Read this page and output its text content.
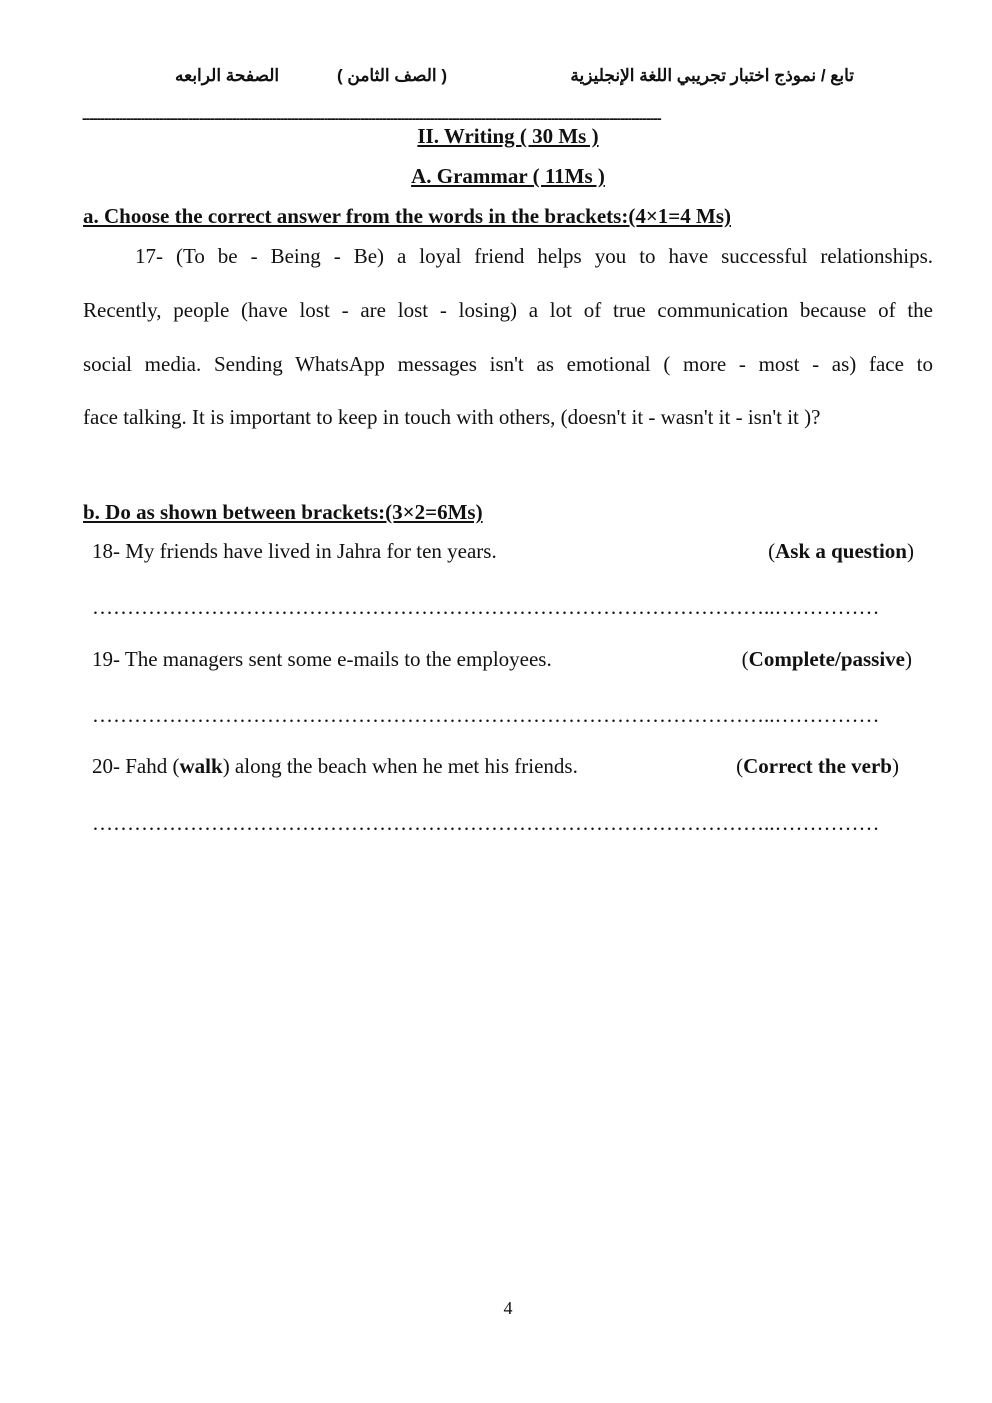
تابع / نموذج اختبار تجريبي اللغة الإنجليزية
( الصف الثامن )
الصفحة الرابعه
--------------------------------------------------------------------------------------------------------------------------------------------------------------
II. Writing ( 30 Ms )
A. Grammar ( 11Ms )
a. Choose the correct answer from the words in the brackets:(4×1=4 Ms)
17- (To be - Being - Be) a loyal friend helps you to have successful relationships.
Recently, people (have lost - are lost - losing) a lot of true communication because of the
social media. Sending WhatsApp messages isn't as emotional ( more - most - as) face to
face talking. It is important to keep in touch with others, (doesn't it - wasn't it - isn't it )?
b. Do as shown between brackets:(3×2=6Ms)
18- My friends have lived in Jahra for ten years.	(Ask a question)
……………………………………………………………………………………..……………
19- The managers sent some e-mails to the employees.	(Complete/passive)
……………………………………………………………………………………..……………
20- Fahd (walk) along the beach when he met his friends.	(Correct the verb)
……………………………………………………………………………………..……………
4
